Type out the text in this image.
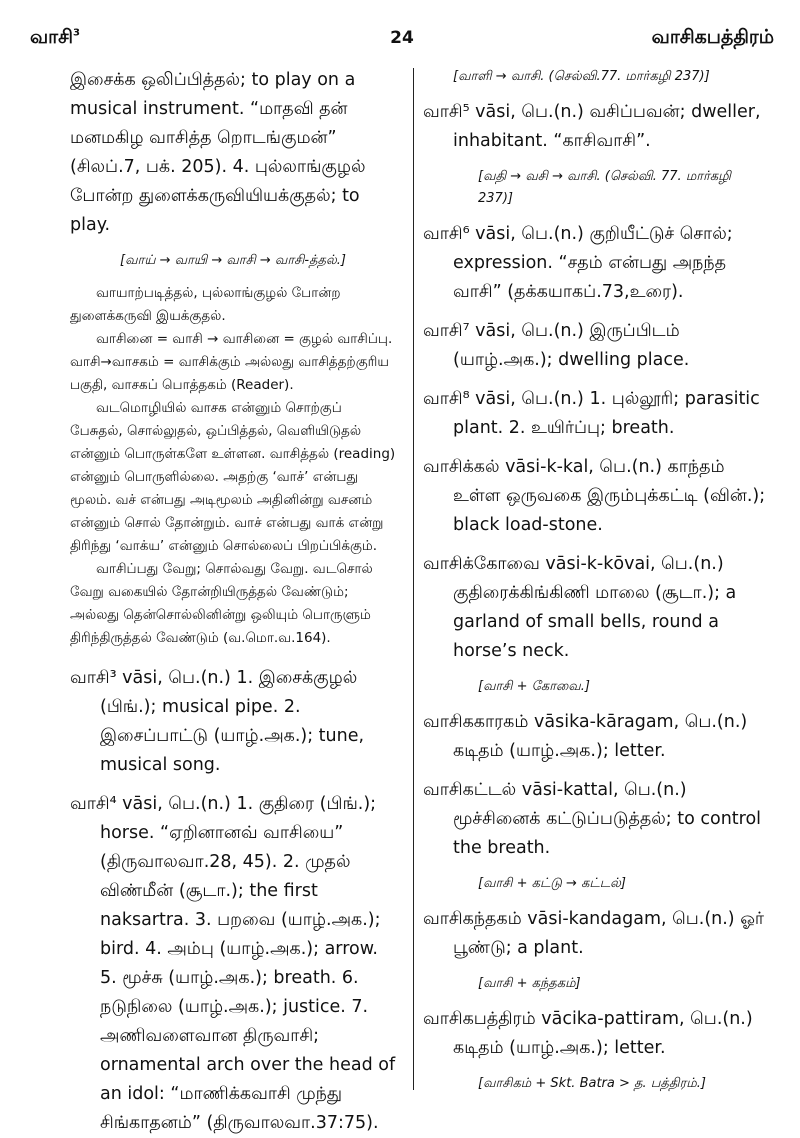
வாசி$^3$	24	வாசிகபத்திரம்

இசைக்க ஒலிப்பித்தல்; to play on a musical instrument. “மாதவி தன் மனமகிழ வாசித்த றொடங்குமன்” (சிலப்.7, பக். 205). 4. புல்லாங்குழல் போன்ற துளைக்கருவியியக்குதல்; to play.

[வாய் → வாயி → வாசி → வாசி-த்தல்.]

வாயாற்படித்தல், புல்லாங்குழல் போன்ற துளைக்கருவி இயக்குதல்.

வாசினை = வாசி → வாசினை = குழல் வாசிப்பு. வாசி→வாசகம் = வாசிக்கும் அல்லது வாசித்தற்குரிய பகுதி, வாசகப் பொத்தகம் (Reader).

வடமொழியில் வாசக என்னும் சொற்குப் பேசுதல், சொல்லுதல், ஒப்பித்தல், வெளியிடுதல் என்னும் பொருள்களே உள்ளன. வாசித்தல் (reading) என்னும் பொருளில்லை. அதற்கு ‘வாச்’ என்பது மூலம். வச் என்பது அடிமூலம் அதினின்று வசனம் என்னும் சொல் தோன்றும். வாச் என்பது வாக் என்று திரிந்து ‘வாக்ய’ என்னும் சொல்லைப் பிறப்பிக்கும்.

வாசிப்பது வேறு; சொல்வது வேறு. வடசொல் வேறு வகையில் தோன்றியிருத்தல் வேண்டும்; அல்லது தென்சொல்லினின்று ஒலியும் பொருளும் திரிந்திருத்தல் வேண்டும் (வ.மொ.வ.164).

வாசி³ vāsi, பெ.(n.) 1. இசைக்குழல் (பிங்.); musical pipe. 2. இசைப்பாட்டு (யாழ்.அக.); tune, musical song.

வாசி⁴ vāsi, பெ.(n.) 1. குதிரை (பிங்.); horse. “ஏறினானவ் வாசியை” (திருவாலவா.28, 45). 2. முதல் விண்மீன் (சூடா.); the first naksartra. 3. பறவை (யாழ்.அக.); bird. 4. அம்பு (யாழ்.அக.); arrow. 5. மூச்சு (யாழ்.அக.); breath. 6. நடுநிலை (யாழ்.அக.); justice. 7. அணிவளைவான திருவாசி; ornamental arch over the head of an idol: “மாணிக்கவாசி முந்து சிங்காதனம்” (திருவாலவா.37:75).

[வாளி → வாசி. (செல்வி.77. மார்கழி 237)]

வாசி⁵ vāsi, பெ.(n.) வசிப்பவன்; dweller, inhabitant. “காசிவாசி”.

[வதி → வசி → வாசி. (செல்வி. 77. மார்கழி 237)]

வாசி⁶ vāsi, பெ.(n.) குறியீட்டுச் சொல்; expression. “சதம் என்பது அநந்த வாசி” (தக்கயாகப்.73,உரை).

வாசி⁷ vāsi, பெ.(n.) இருப்பிடம் (யாழ்.அக.); dwelling place.

வாசி⁸ vāsi, பெ.(n.) 1. புல்லூரி; parasitic plant. 2. உயிர்ப்பு; breath.

வாசிக்கல் vāsi-k-kal, பெ.(n.) காந்தம் உள்ள ஒருவகை இரும்புக்கட்டி (வின்.); black load-stone.

வாசிக்கோவை vāsi-k-kōvai, பெ.(n.) குதிரைக்கிங்கிணி மாலை (சூடா.); a garland of small bells, round a horse’s neck.

[வாசி + கோவை.]

வாசிககாரகம் vāsika-kāragam, பெ.(n.) கடிதம் (யாழ்.அக.); letter.

வாசிகட்டல் vāsi-kattal, பெ.(n.) மூச்சினைக் கட்டுப்படுத்தல்; to control the breath.

[வாசி + கட்டு → கட்டல்]

வாசிகந்தகம் vāsi-kandagam, பெ.(n.) ஓர் பூண்டு; a plant.

[வாசி + கந்தகம்]

வாசிகபத்திரம் vācika-pattiram, பெ.(n.) கடிதம் (யாழ்.அக.); letter.

[வாசிகம் + Skt. Batra > த. பத்திரம்.]
